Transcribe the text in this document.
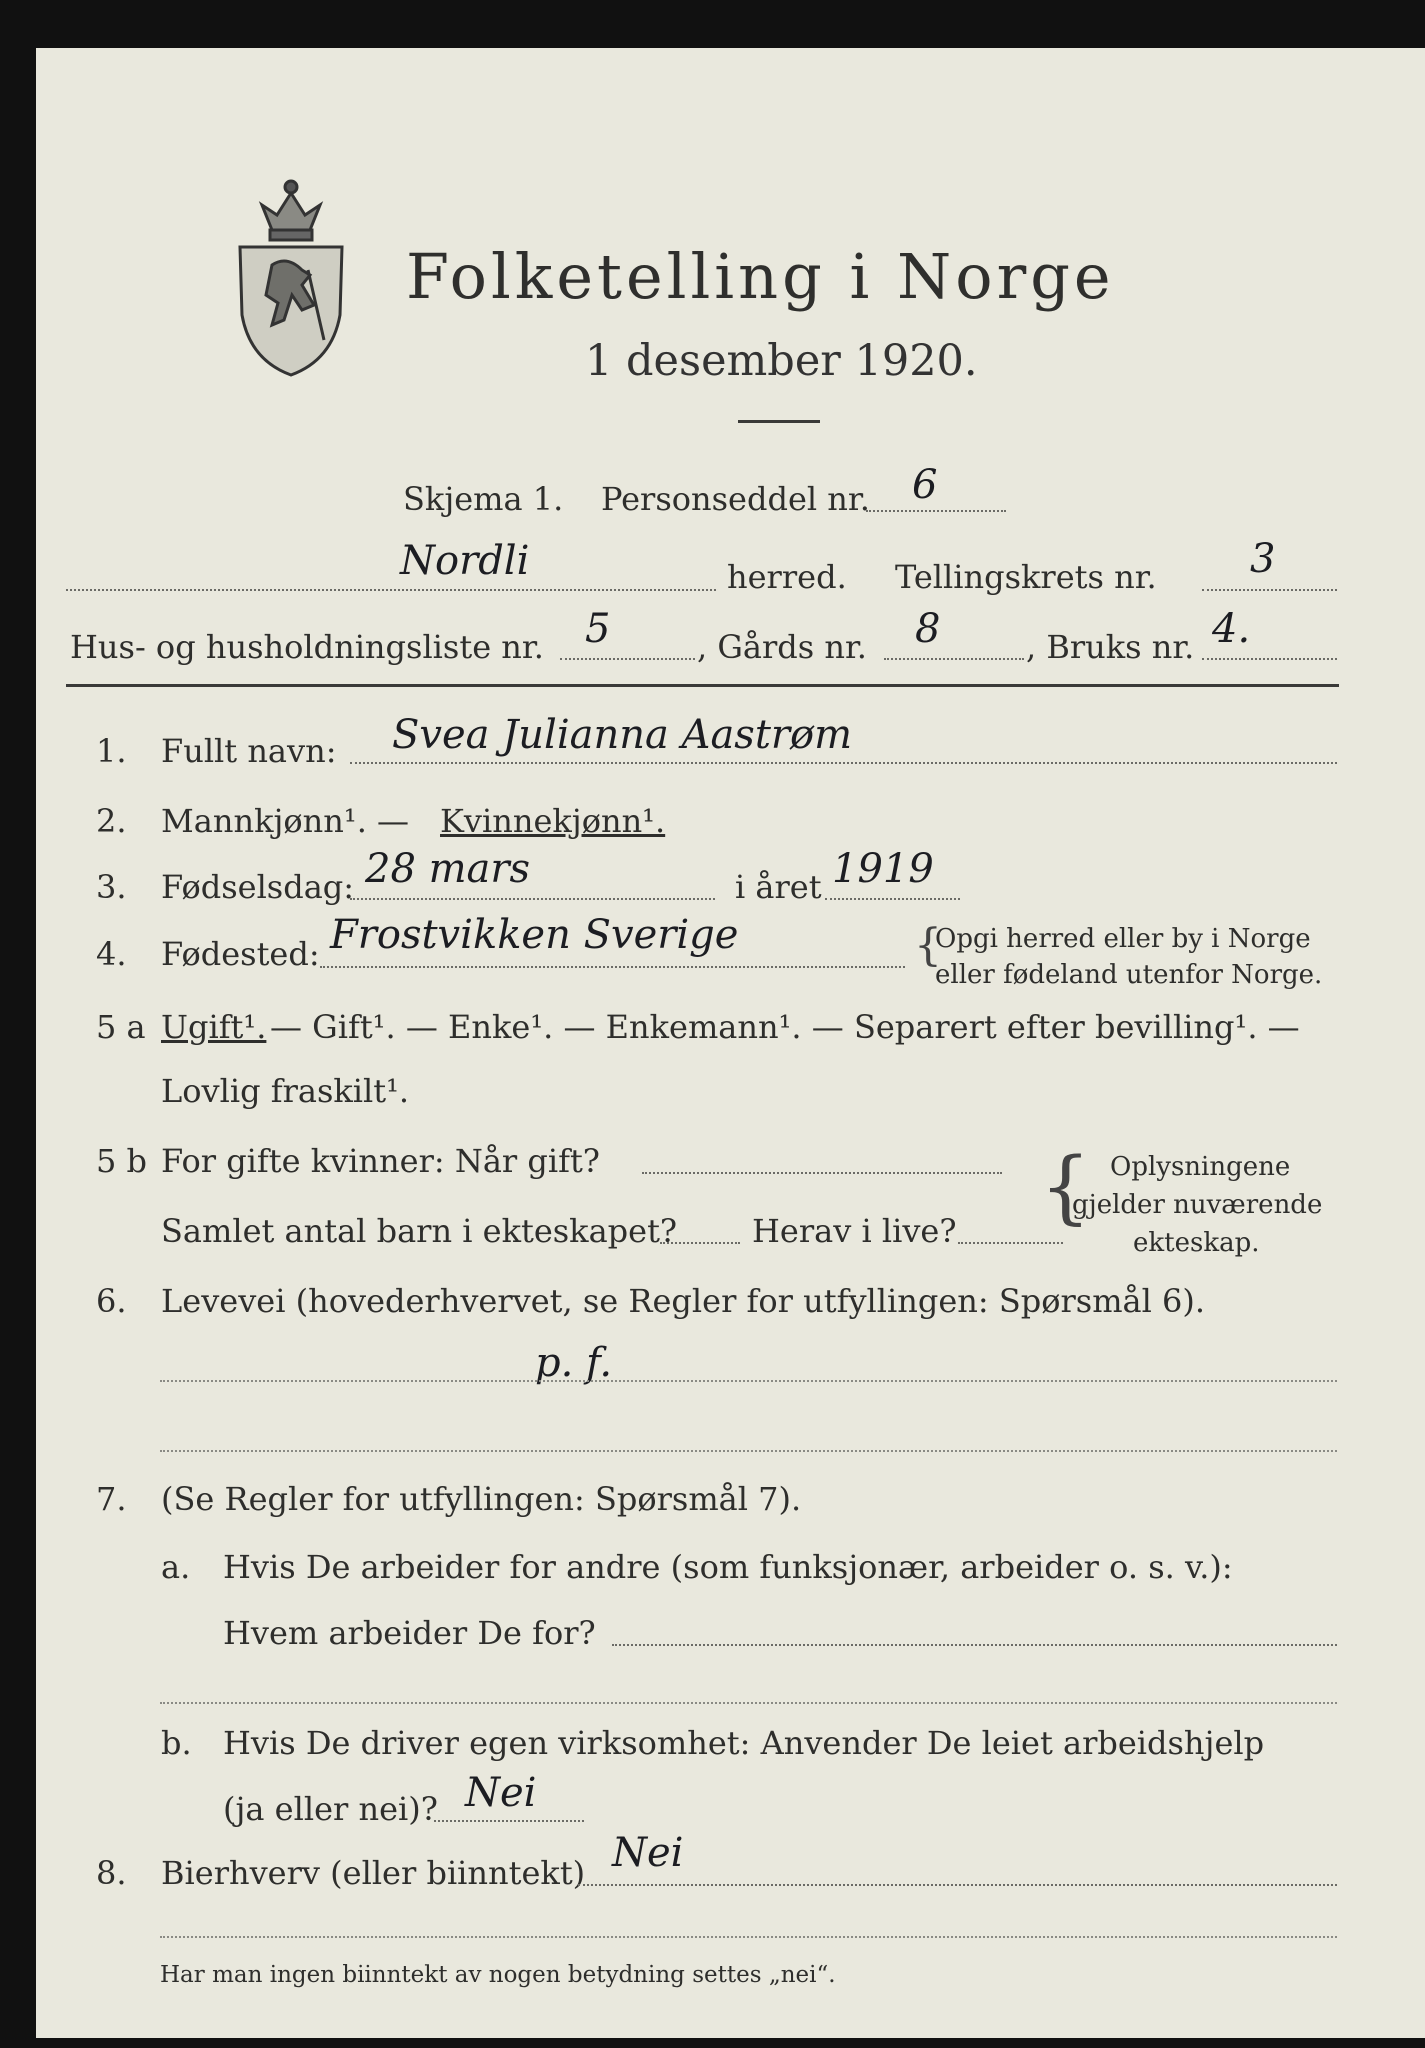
Folketelling i Norge
1 desember 1920.
Skjema 1. Personseddel nr. 6
Nordli	herred. Tellingskrets nr. 3
Hus- og husholdningsliste nr. 5	, Gårds nr. 8	, Bruks nr. 4.
1. Fullt navn: Svea Julianna Aastrøm
2. Mannkjønn¹. — Kvinnekjønn¹.
3. Fødselsdag: 28 mars	i året 1919
4. Fødested: Frostvikken Sverige	{
Opgi herred eller by i Norge
eller fødeland utenfor Norge.
5 a Ugift¹. — Gift¹. — Enke¹. — Enkemann¹. — Separert efter bevilling¹. —
Lovlig fraskilt¹.
5 b For gifte kvinner: Når gift?
Samlet antal barn i ekteskapet? Herav i live? { Oplysningene
gjelder nuværende
ekteskap.
6. Levevei (hovederhvervet, se Regler for utfyllingen: Spørsmål 6).
p. f.
7. (Se Regler for utfyllingen: Spørsmål 7).
a. Hvis De arbeider for andre (som funksjonær, arbeider o. s. v.):
Hvem arbeider De for?
b. Hvis De driver egen virksomhet: Anvender De leiet arbeidshjelp
(ja eller nei)? Nei
8. Bierhverv (eller biinntekt) Nei
Har man ingen biinntekt av nogen betydning settes „nei“.
